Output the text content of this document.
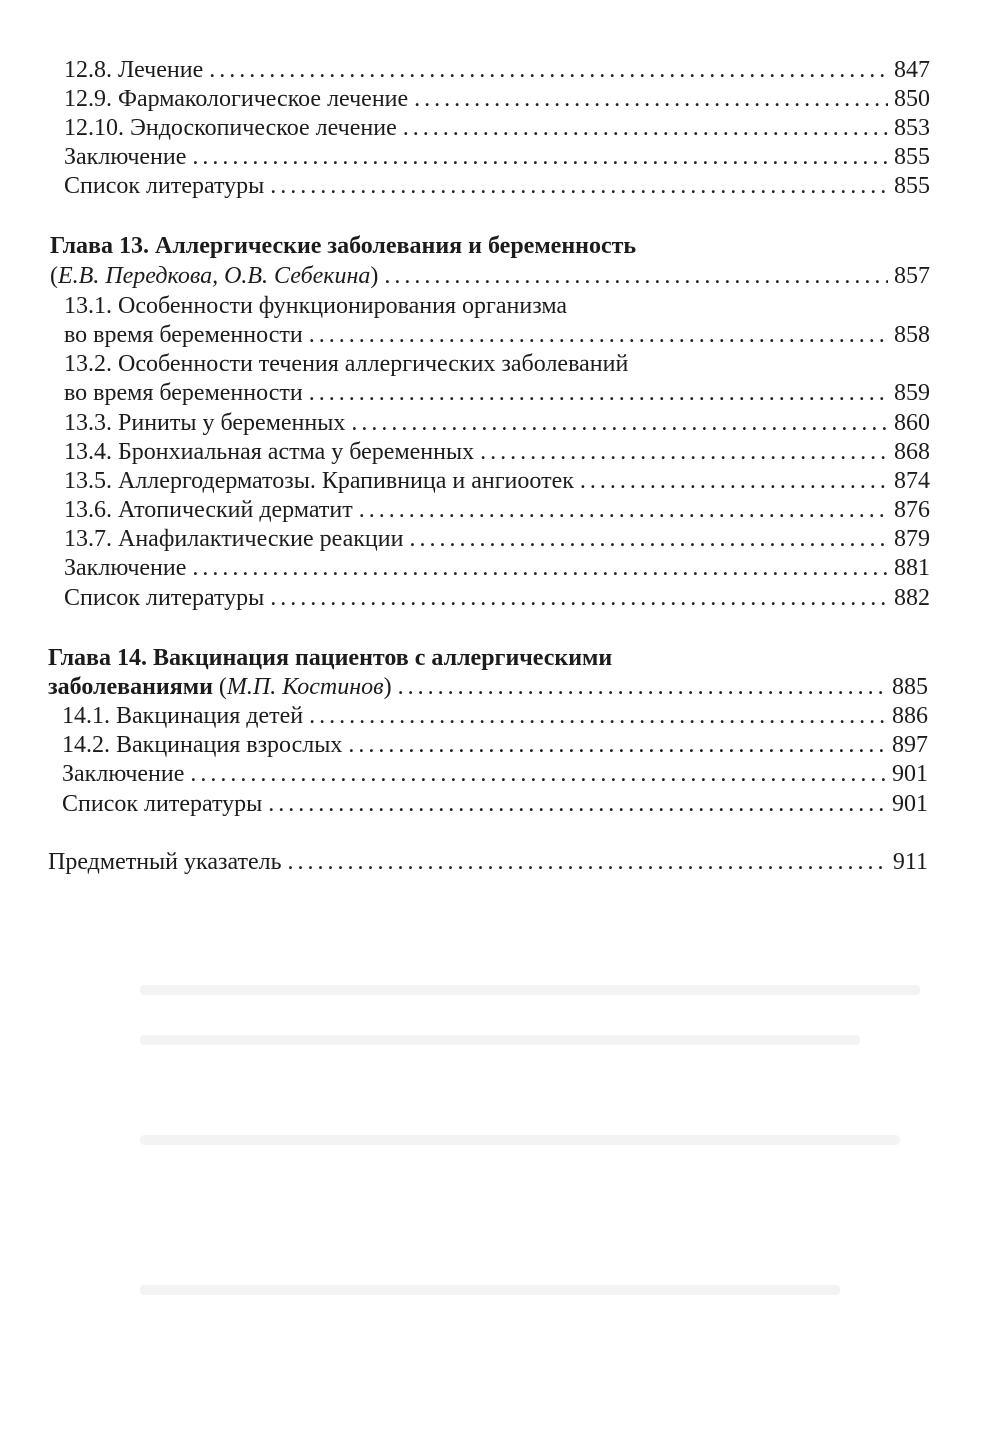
12.8. Лечение . . .	847
12.9. Фармакологическое лечение . . .	850
12.10. Эндоскопическое лечение . . .	853
Заключение . . .	855
Список литературы . . .	855
Глава 13. Аллергические заболевания и беременность
(Е.В. Передкова, О.В. Себекина) . . .	857
13.1. Особенности функционирования организма
во время беременности . . .	858
13.2. Особенности течения аллергических заболеваний
во время беременности . . .	859
13.3. Риниты у беременных . . .	860
13.4. Бронхиальная астма у беременных . . .	868
13.5. Аллергодерматозы. Крапивница и ангиоотек . . .	874
13.6. Атопический дерматит . . .	876
13.7. Анафилактические реакции . . .	879
Заключение . . .	881
Список литературы . . .	882
Глава 14. Вакцинация пациентов с аллергическими
заболеваниями (М.П. Костинов) . . .	885
14.1. Вакцинация детей . . .	886
14.2. Вакцинация взрослых . . .	897
Заключение . . .	901
Список литературы . . .	901
Предметный указатель . . .	911
